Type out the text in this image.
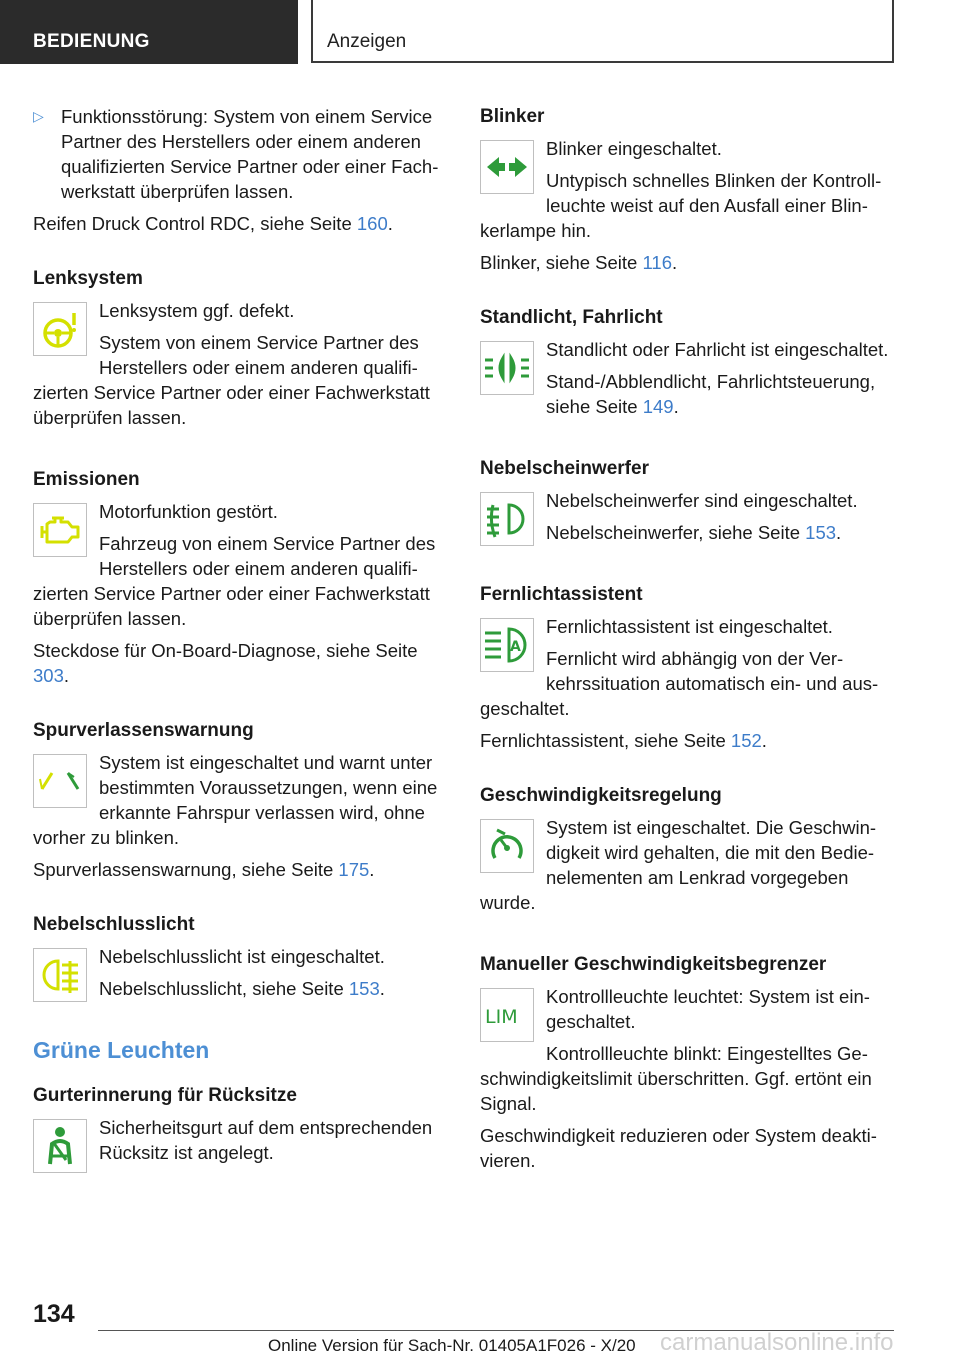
BEDIENUNG	Anzeigen
▷ Funktionsstörung: System von einem Service Partner des Herstellers oder einem anderen qualifizierten Service Partner oder einer Fachwerkstatt überprüfen lassen.

Reifen Druck Control RDC, siehe Seite 160.

Lenksystem

Lenksystem ggf. defekt.

System von einem Service Partner des Herstellers oder einem anderen qualifizierten Service Partner oder einer Fachwerkstatt überprüfen lassen.

Emissionen

Motorfunktion gestört.

Fahrzeug von einem Service Partner des Herstellers oder einem anderen qualifizierten Service Partner oder einer Fachwerkstatt überprüfen lassen.

Steckdose für On-Board-Diagnose, siehe Seite 303.

Spurverlassenswarnung

System ist eingeschaltet und warnt unter bestimmten Voraussetzungen, wenn eine erkannte Fahrspur verlassen wird, ohne vorher zu blinken.

Spurverlassenswarnung, siehe Seite 175.

Nebelschlusslicht

Nebelschlusslicht ist eingeschaltet.

Nebelschlusslicht, siehe Seite 153.

Grüne Leuchten
Gurterinnerung für Rücksitze

Sicherheitsgurt auf dem entsprechenden Rücksitz ist angelegt.

Blinker

Blinker eingeschaltet.

Untypisch schnelles Blinken der Kontrollleuchte weist auf den Ausfall einer Blinkerlampe hin.

Blinker, siehe Seite 116.

Standlicht, Fahrlicht

Standlicht oder Fahrlicht ist eingeschaltet.

Stand-/Abblendlicht, Fahrlichtsteuerung, siehe Seite 149.

Nebelscheinwerfer

Nebelscheinwerfer sind eingeschaltet.

Nebelscheinwerfer, siehe Seite 153.

Fernlichtassistent
A

Fernlichtassistent ist eingeschaltet.

Fernlicht wird abhängig von der Verkehrssituation automatisch ein- und ausgeschaltet.

Fernlichtassistent, siehe Seite 152.

Geschwindigkeitsregelung

System ist eingeschaltet. Die Geschwindigkeit wird gehalten, die mit den Bedienelementen am Lenkrad vorgegeben wurde.

Manueller Geschwindigkeitsbegrenzer
LIM

Kontrollleuchte leuchtet: System ist eingeschaltet.

Kontrollleuchte blinkt: Eingestelltes Geschwindigkeitslimit überschritten. Ggf. ertönt ein Signal.

Geschwindigkeit reduzieren oder System deaktivieren.

134
Online Version für Sach-Nr. 01405A1F026 - X/20 carmanualsonline.info
